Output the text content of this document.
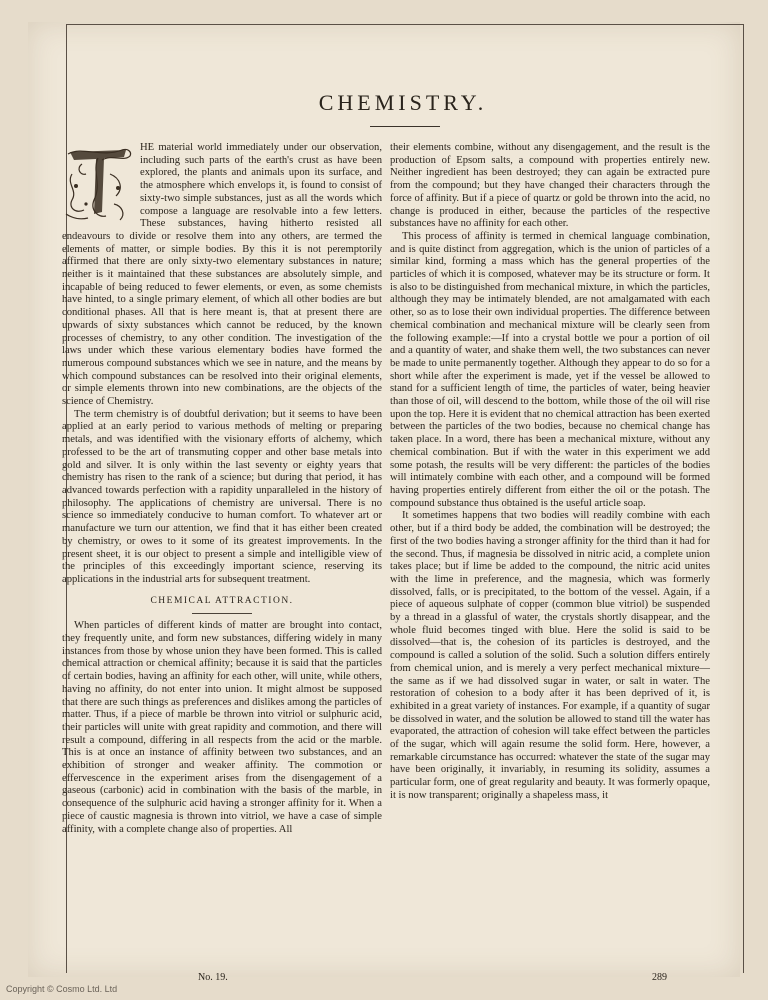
CHEMISTRY.

HE material world immediately under our observation, including such parts of the earth's crust as have been explored, the plants and animals upon its surface, and the atmosphere which envelops it, is found to consist of sixty-two simple substances, just as all the words which compose a language are resolvable into a few letters. These substances, having hitherto resisted all endeavours to divide or resolve them into any others, are termed the elements of matter, or simple bodies. By this it is not peremptorily affirmed that there are only sixty-two elementary substances in nature; neither is it maintained that these substances are absolutely simple, and incapable of being reduced to fewer elements, or even, as some chemists have hinted, to a single primary element, of which all other bodies are but conditional phases. All that is here meant is, that at present there are upwards of sixty substances which cannot be reduced, by the known processes of chemistry, to any other condition. The investigation of the laws under which these various elementary bodies have formed the numerous compound substances which we see in nature, and the means by which compound substances can be resolved into their original elements, or simple elements thrown into new combinations, are the objects of the science of Chemistry.

The term chemistry is of doubtful derivation; but it seems to have been applied at an early period to various methods of melting or preparing metals, and was identified with the visionary efforts of alchemy, which professed to be the art of transmuting copper and other base metals into gold and silver. It is only within the last seventy or eighty years that chemistry has risen to the rank of a science; but during that period, it has advanced towards perfection with a rapidity unparalleled in the history of philosophy. The applications of chemistry are universal. There is no science so immediately conducive to human comfort. To whatever art or manufacture we turn our attention, we find that it has either been created by chemistry, or owes to it some of its greatest improvements. In the present sheet, it is our object to present a simple and intelligible view of the principles of this exceedingly important science, reserving its applications in the industrial arts for subsequent treatment.

CHEMICAL ATTRACTION.

When particles of different kinds of matter are brought into contact, they frequently unite, and form new substances, differing widely in many instances from those by whose union they have been formed. This is called chemical attraction or chemical affinity; because it is said that the particles of certain bodies, having an affinity for each other, will unite, while others, having no affinity, do not enter into union. It might almost be supposed that there are such things as preferences and dislikes among the particles of matter. Thus, if a piece of marble be thrown into vitriol or sulphuric acid, their particles will unite with great rapidity and commotion, and there will result a compound, differing in all respects from the acid or the marble. This is at once an instance of affinity between two substances, and an exhibition of stronger and weaker affinity. The commotion or effervescence in the experiment arises from the disengagement of a gaseous (carbonic) acid in combination with the basis of the marble, in consequence of the sulphuric acid having a stronger affinity for it. When a piece of caustic magnesia is thrown into vitriol, we have a case of simple affinity, with a complete change also of properties. All

their elements combine, without any disengagement, and the result is the production of Epsom salts, a compound with properties entirely new. Neither ingredient has been destroyed; they can again be extracted pure from the compound; but they have changed their characters through the force of affinity. But if a piece of quartz or gold be thrown into the acid, no change is produced in either, because the particles of the respective substances have no affinity for each other.

This process of affinity is termed in chemical language combination, and is quite distinct from aggregation, which is the union of particles of a similar kind, forming a mass which has the general properties of the particles of which it is composed, whatever may be its structure or form. It is also to be distinguished from mechanical mixture, in which the particles, although they may be intimately blended, are not amalgamated with each other, so as to lose their own individual properties. The difference between chemical combination and mechanical mixture will be clearly seen from the following example:—If into a crystal bottle we pour a portion of oil and a quantity of water, and shake them well, the two substances can never be made to unite permanently together. Although they appear to do so for a short while after the experiment is made, yet if the vessel be allowed to stand for a sufficient length of time, the particles of water, being heavier than those of oil, will descend to the bottom, while those of the oil will rise upon the top. Here it is evident that no chemical attraction has been exerted between the particles of the two bodies, because no chemical change has taken place. In a word, there has been a mechanical mixture, without any chemical combination. But if with the water in this experiment we add some potash, the results will be very different: the particles of the bodies will intimately combine with each other, and a compound will be formed having properties entirely different from either the oil or the potash. The compound substance thus obtained is the useful article soap.

It sometimes happens that two bodies will readily combine with each other, but if a third body be added, the combination will be destroyed; the first of the two bodies having a stronger affinity for the third than it had for the second. Thus, if magnesia be dissolved in nitric acid, a complete union takes place; but if lime be added to the compound, the nitric acid unites with the lime in preference, and the magnesia, which was formerly dissolved, falls, or is precipitated, to the bottom of the vessel. Again, if a piece of aqueous sulphate of copper (common blue vitriol) be suspended by a thread in a glassful of water, the crystals shortly disappear, and the whole fluid becomes tinged with blue. Here the solid is said to be dissolved—that is, the cohesion of its particles is destroyed, and the compound is called a solution of the solid. Such a solution differs entirely from chemical union, and is merely a very perfect mechanical mixture—the same as if we had dissolved sugar in water, or salt in water. The restoration of cohesion to a body after it has been deprived of it, is exhibited in a great variety of instances. For example, if a quantity of sugar be dissolved in water, and the solution be allowed to stand till the water has evaporated, the attraction of cohesion will take effect between the particles of the sugar, which will again resume the solid form. Here, however, a remarkable circumstance has occurred: whatever the state of the sugar may have been originally, it invariably, in resuming its solidity, assumes a particular form, one of great regularity and beauty. It was formerly opaque, it is now transparent; originally a shapeless mass, it

No. 19.	289
Copyright © Cosmo Ltd. Ltd
